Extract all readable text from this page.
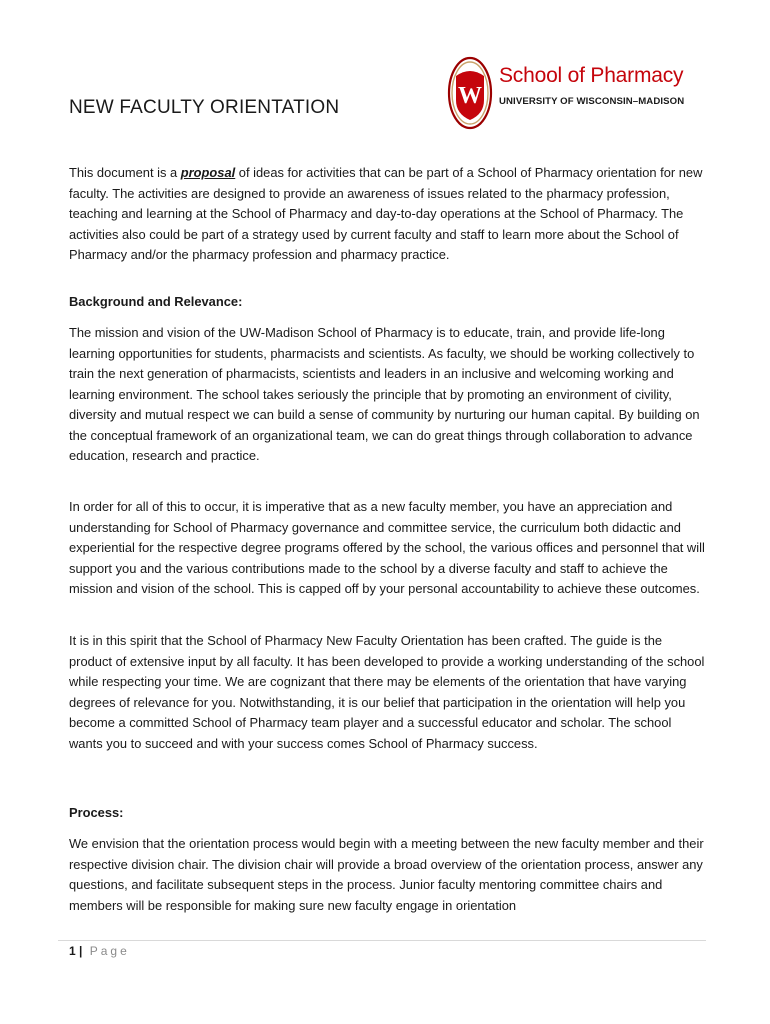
W
School of Pharmacy
UNIVERSITY OF WISCONSIN–MADISON
NEW FACULTY ORIENTATION

This document is a proposal of ideas for activities that can be part of a School of Pharmacy orientation for new faculty. The activities are designed to provide an awareness of issues related to the pharmacy profession, teaching and learning at the School of Pharmacy and day-to-day operations at the School of Pharmacy. The activities also could be part of a strategy used by current faculty and staff to learn more about the School of Pharmacy and/or the pharmacy profession and pharmacy practice.

Background and Relevance:

The mission and vision of the UW-Madison School of Pharmacy is to educate, train, and provide life-long learning opportunities for students, pharmacists and scientists. As faculty, we should be working collectively to train the next generation of pharmacists, scientists and leaders in an inclusive and welcoming working and learning environment. The school takes seriously the principle that by promoting an environment of civility, diversity and mutual respect we can build a sense of community by nurturing our human capital. By building on the conceptual framework of an organizational team, we can do great things through collaboration to advance education, research and practice.

In order for all of this to occur, it is imperative that as a new faculty member, you have an appreciation and understanding for School of Pharmacy governance and committee service, the curriculum both didactic and experiential for the respective degree programs offered by the school, the various offices and personnel that will support you and the various contributions made to the school by a diverse faculty and staff to achieve the mission and vision of the school. This is capped off by your personal accountability to achieve these outcomes.

It is in this spirit that the School of Pharmacy New Faculty Orientation has been crafted. The guide is the product of extensive input by all faculty. It has been developed to provide a working understanding of the school while respecting your time. We are cognizant that there may be elements of the orientation that have varying degrees of relevance for you. Notwithstanding, it is our belief that participation in the orientation will help you become a committed School of Pharmacy team player and a successful educator and scholar. The school wants you to succeed and with your success comes School of Pharmacy success.

Process:

We envision that the orientation process would begin with a meeting between the new faculty member and their respective division chair. The division chair will provide a broad overview of the orientation process, answer any questions, and facilitate subsequent steps in the process. Junior faculty mentoring committee chairs and members will be responsible for making sure new faculty engage in orientation

1 | Page
